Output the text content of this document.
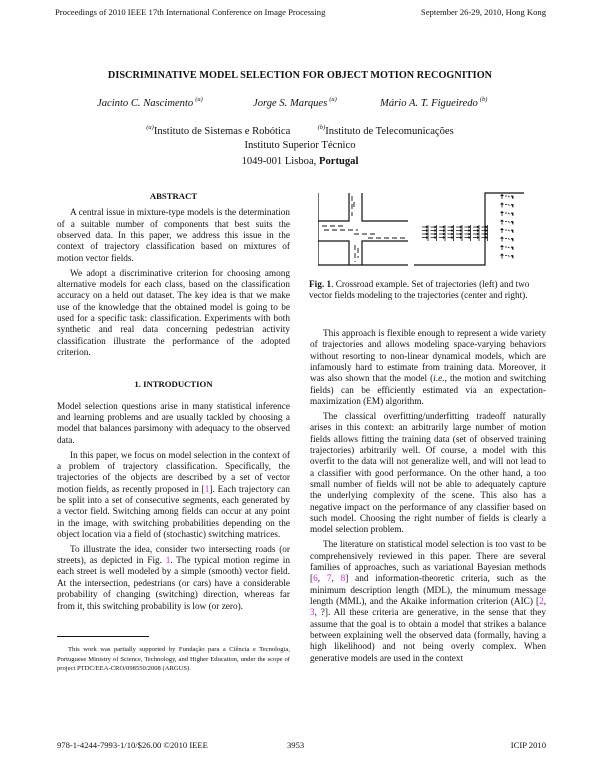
Proceedings of 2010 IEEE 17th International Conference on Image Processing	September 26-29, 2010, Hong Kong
DISCRIMINATIVE MODEL SELECTION FOR OBJECT MOTION RECOGNITION
Jacinto C. Nascimento $^{(a)}$	Jorge S. Marques $^{(a)}$	Mário A. T. Figueiredo $^{(b)}$
$^{(a)}$Instituto de Sistemas e Robótica	$^{(b)}$Instituto de Telecomunicações
Instituto Superior Técnico
1049-001 Lisboa, Portugal
ABSTRACT

A central issue in mixture-type models is the determination of a suitable number of components that best suits the observed data. In this paper, we address this issue in the context of trajectory classification based on mixtures of motion vector fields.

We adopt a discriminative criterion for choosing among alternative models for each class, based on the classification accuracy on a held out dataset. The key idea is that we make use of the knowledge that the obtained model is going to be used for a specific task: classification. Experiments with both synthetic and real data concerning pedestrian activity classification illustrate the performance of the adopted criterion.

1. INTRODUCTION

Model selection questions arise in many statistical inference and learning problems and are usually tackled by choosing a model that balances parsimony with adequacy to the observed data.

In this paper, we focus on model selection in the context of a problem of trajectory classification. Specifically, the trajectories of the objects are described by a set of vector motion fields, as recently proposed in [1]. Each trajectory can be split into a set of consecutive segments, each generated by a vector field. Switching among fields can occur at any point in the image, with switching probabilities depending on the object location via a field of (stochastic) switching matrices.

To illustrate the idea, consider two intersecting roads (or streets), as depicted in Fig. 1. The typical motion regime in each street is well modeled by a simple (smooth) vector field. At the intersection, pedestrians (or cars) have a considerable probability of changing (switching) direction, whereas far from it, this switching probability is low (or zero).

This work was partially supported by Fundação para a Ciência e Tecnologia, Portuguese Ministry of Science, Technology, and Higher Education, under the scope of project PTDC/EEA-CRO/098550/2008 (ARGUS).

Fig. 1. Crossroad example. Set of trajectories (left) and two vector fields modeling to the trajectories (center and right).

This approach is flexible enough to represent a wide variety of trajectories and allows modeling space-varying behaviors without resorting to non-linear dynamical models, which are infamously hard to estimate from training data. Moreover, it was also shown that the model (i.e., the motion and switching fields) can be efficiently estimated via an expectation-maximization (EM) algorithm.

The classical overfitting/underfitting tradeoff naturally arises in this context: an arbitrarily large number of motion fields allows fitting the training data (set of observed training trajectories) arbitrarily well. Of course, a model with this overfit to the data will not generalize well, and will not lead to a classifier with good performance. On the other hand, a too small number of fields will not be able to adequately capture the underlying complexity of the scene. This also has a negative impact on the performance of any classifier based on such model. Choosing the right number of fields is clearly a model selection problem.

The literature on statistical model selection is too vast to be comprehensively reviewed in this paper. There are several families of approaches, such as variational Bayesian methods [6, 7, 8] and information-theoretic criteria, such as the minimum description length (MDL), the minumum message length (MML), and the Akaike information criterion (AIC) [2, 3, ?]. All these criteria are generative, in the sense that they assume that the goal is to obtain a model that strikes a balance between explaining well the observed data (formally, having a high likelihood) and not being overly complex. When generative models are used in the context

978-1-4244-7993-1/10/$26.00 ©2010 IEEE	3953	ICIP 2010
